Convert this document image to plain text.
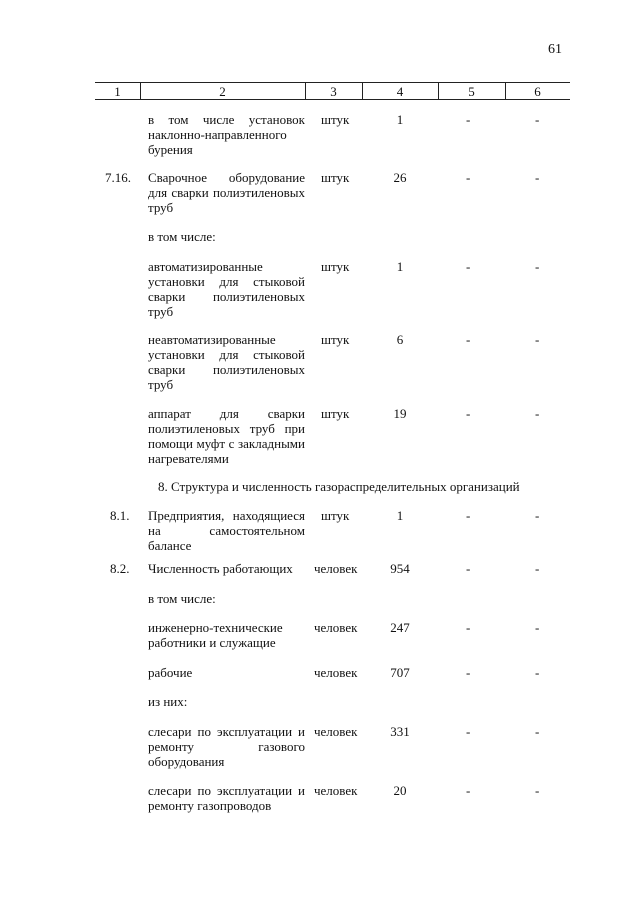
61
1	2	3	4	5	6
в том числе установок наклонно-направленного бурения
штук	1	-	-
7.16. Сварочное оборудование для сварки полиэтиленовых труб
штук	26	-	-
в том числе:
автоматизированные установки для стыковой сварки полиэтиленовых труб
штук	1	-	-
неавтоматизированные установки для стыковой сварки полиэтиленовых труб
штук	6	-	-
аппарат для сварки полиэтиленовых труб при помощи муфт с закладными нагревателями
штук	19	-	-
8. Структура и численность газораспределительных организаций
8.1. Предприятия, находящиеся на самостоятельном балансе
штук	1	-	-
8.2. Численность работающих человек	954	-	-
в том числе:
инженерно-технические работники и служащие
человек	247	-	-
рабочие	человек	707	-	-
из них:
слесари по эксплуатации и ремонту газового оборудования
человек	331	-	-
слесари по эксплуатации и ремонту газопроводов
человек	20	-	-
